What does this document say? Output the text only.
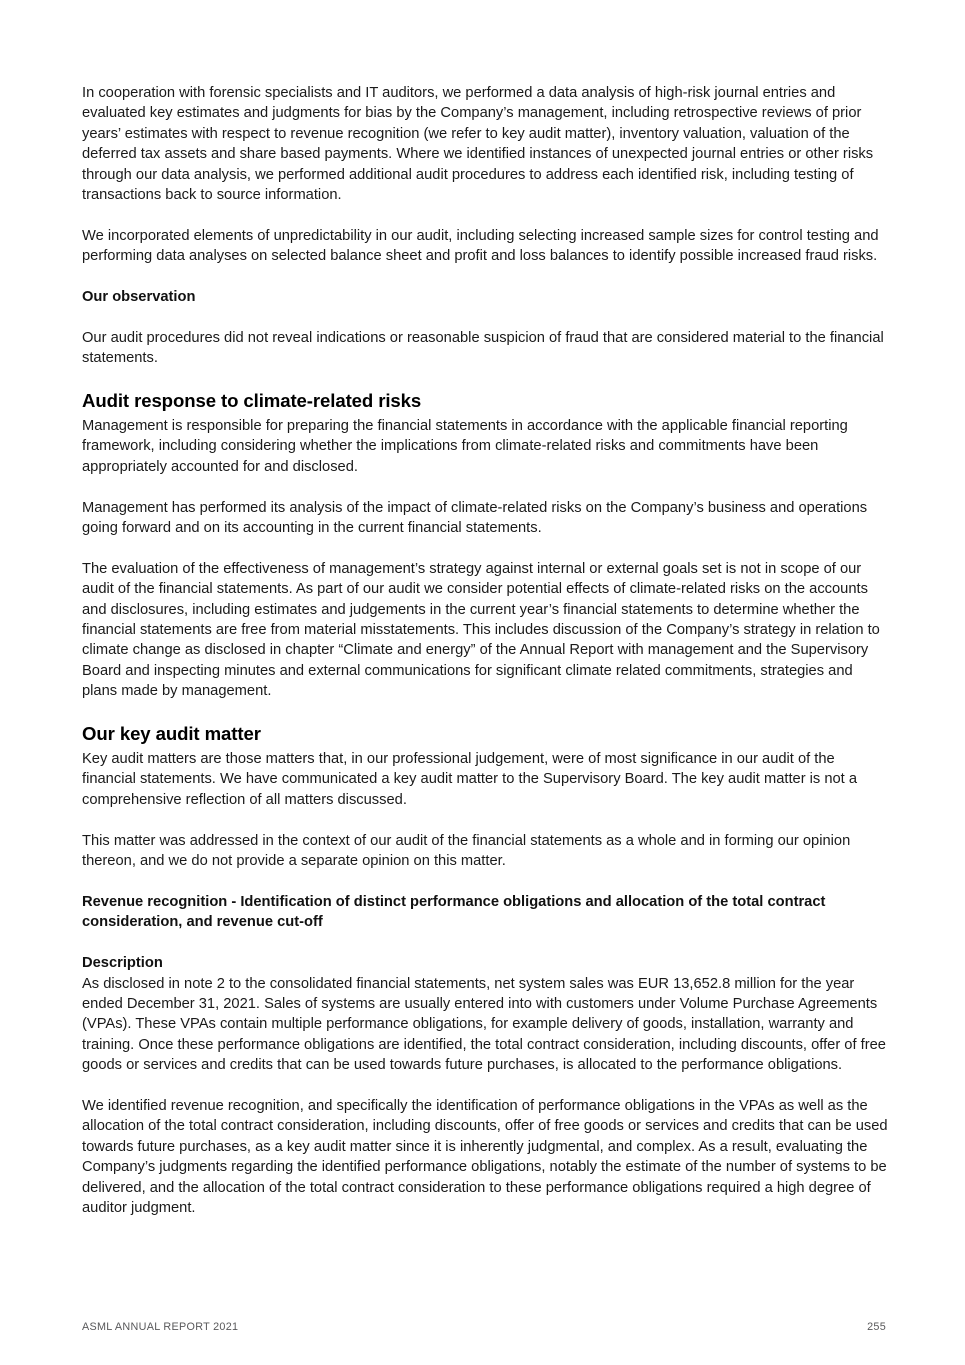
In cooperation with forensic specialists and IT auditors, we performed a data analysis of high-risk journal entries and evaluated key estimates and judgments for bias by the Company’s management, including retrospective reviews of prior years’ estimates with respect to revenue recognition (we refer to key audit matter), inventory valuation, valuation of the deferred tax assets and share based payments. Where we identified instances of unexpected journal entries or other risks through our data analysis, we performed additional audit procedures to address each identified risk, including testing of transactions back to source information.

We incorporated elements of unpredictability in our audit, including selecting increased sample sizes for control testing and performing data analyses on selected balance sheet and profit and loss balances to identify possible increased fraud risks.

Our observation

Our audit procedures did not reveal indications or reasonable suspicion of fraud that are considered material to the financial statements.

Audit response to climate-related risks

Management is responsible for preparing the financial statements in accordance with the applicable financial reporting framework, including considering whether the implications from climate-related risks and commitments have been appropriately accounted for and disclosed.

Management has performed its analysis of the impact of climate-related risks on the Company’s business and operations going forward and on its accounting in the current financial statements.

The evaluation of the effectiveness of management’s strategy against internal or external goals set is not in scope of our audit of the financial statements. As part of our audit we consider potential effects of climate-related risks on the accounts and disclosures, including estimates and judgements in the current year’s financial statements to determine whether the financial statements are free from material misstatements. This includes discussion of the Company’s strategy in relation to climate change as disclosed in chapter “Climate and energy” of the Annual Report with management and the Supervisory Board and inspecting minutes and external communications for significant climate related commitments, strategies and plans made by management.

Our key audit matter

Key audit matters are those matters that, in our professional judgement, were of most significance in our audit of the financial statements. We have communicated a key audit matter to the Supervisory Board. The key audit matter is not a comprehensive reflection of all matters discussed.

This matter was addressed in the context of our audit of the financial statements as a whole and in forming our opinion thereon, and we do not provide a separate opinion on this matter.

Revenue recognition - Identification of distinct performance obligations and allocation of the total contract consideration, and revenue cut-off

Description

As disclosed in note 2 to the consolidated financial statements, net system sales was EUR 13,652.8 million for the year ended December 31, 2021. Sales of systems are usually entered into with customers under Volume Purchase Agreements (VPAs). These VPAs contain multiple performance obligations, for example delivery of goods, installation, warranty and training. Once these performance obligations are identified, the total contract consideration, including discounts, offer of free goods or services and credits that can be used towards future purchases, is allocated to the performance obligations.

We identified revenue recognition, and specifically the identification of performance obligations in the VPAs as well as the allocation of the total contract consideration, including discounts, offer of free goods or services and credits that can be used towards future purchases, as a key audit matter since it is inherently judgmental, and complex. As a result, evaluating the Company’s judgments regarding the identified performance obligations, notably the estimate of the number of systems to be delivered, and the allocation of the total contract consideration to these performance obligations required a high degree of auditor judgment.

ASML ANNUAL REPORT 2021	255
